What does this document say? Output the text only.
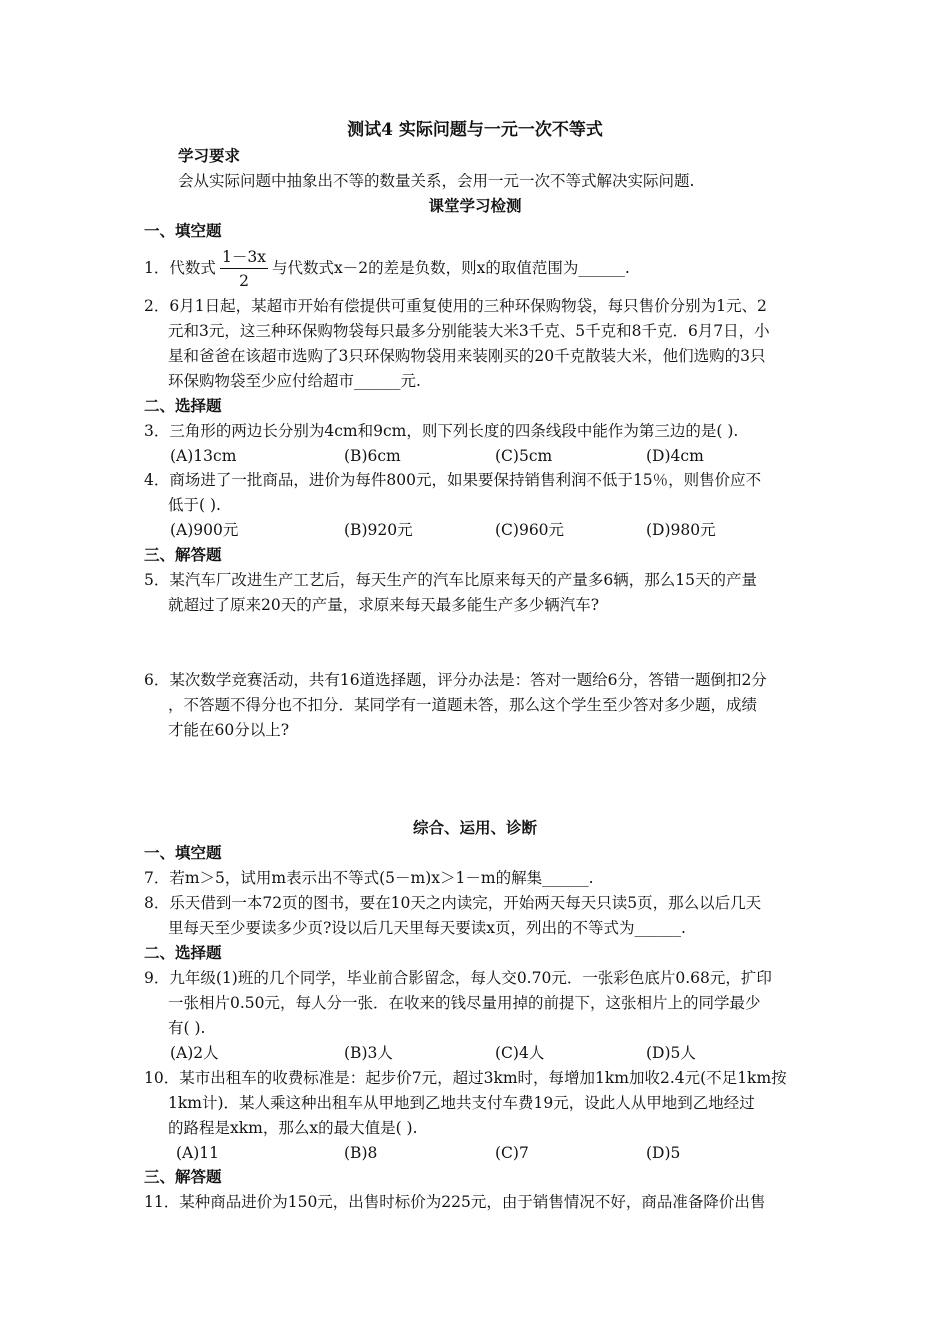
测试4 实际问题与一元一次不等式
学习要求
会从实际问题中抽象出不等的数量关系，会用一元一次不等式解决实际问题.
课堂学习检测
一、填空题
1．代数式 $\frac{1-3x}{2}$ 与代数式x－2的差是负数，则x的取值范围为______.
2．6月1日起，某超市开始有偿提供可重复使用的三种环保购物袋，每只售价分别为1元、2
元和3元，这三种环保购物袋每只最多分别能装大米3千克、5千克和8千克．6月7日，小
星和爸爸在该超市选购了3只环保购物袋用来装刚买的20千克散装大米，他们选购的3只
环保购物袋至少应付给超市______元.
二、选择题
3．三角形的两边长分别为4cm和9cm，则下列长度的四条线段中能作为第三边的是( ).
(A)13cm	(B)6cm	(C)5cm	(D)4cm
4．商场进了一批商品，进价为每件800元，如果要保持销售利润不低于15％，则售价应不
低于( ).
(A)900元	(B)920元	(C)960元	(D)980元
三、解答题
5．某汽车厂改进生产工艺后，每天生产的汽车比原来每天的产量多6辆，那么15天的产量
就超过了原来20天的产量，求原来每天最多能生产多少辆汽车?
6．某次数学竞赛活动，共有16道选择题，评分办法是：答对一题给6分，答错一题倒扣2分
，不答题不得分也不扣分．某同学有一道题未答，那么这个学生至少答对多少题，成绩
才能在60分以上?
综合、运用、诊断
一、填空题
7．若m＞5，试用m表示出不等式(5－m)x＞1－m的解集______.
8．乐天借到一本72页的图书，要在10天之内读完，开始两天每天只读5页，那么以后几天
里每天至少要读多少页?设以后几天里每天要读x页，列出的不等式为______.
二、选择题
9．九年级(1)班的几个同学，毕业前合影留念，每人交0.70元．一张彩色底片0.68元，扩印
一张相片0.50元，每人分一张．在收来的钱尽量用掉的前提下，这张相片上的同学最少
有( ).
(A)2人	(B)3人	(C)4人	(D)5人
10．某市出租车的收费标准是：起步价7元，超过3km时，每增加1km加收2.4元(不足1km按
1km计)．某人乘这种出租车从甲地到乙地共支付车费19元，设此人从甲地到乙地经过
的路程是xkm，那么x的最大值是( ).
(A)11	(B)8	(C)7	(D)5
三、解答题
11．某种商品进价为150元，出售时标价为225元，由于销售情况不好，商品准备降价出售
